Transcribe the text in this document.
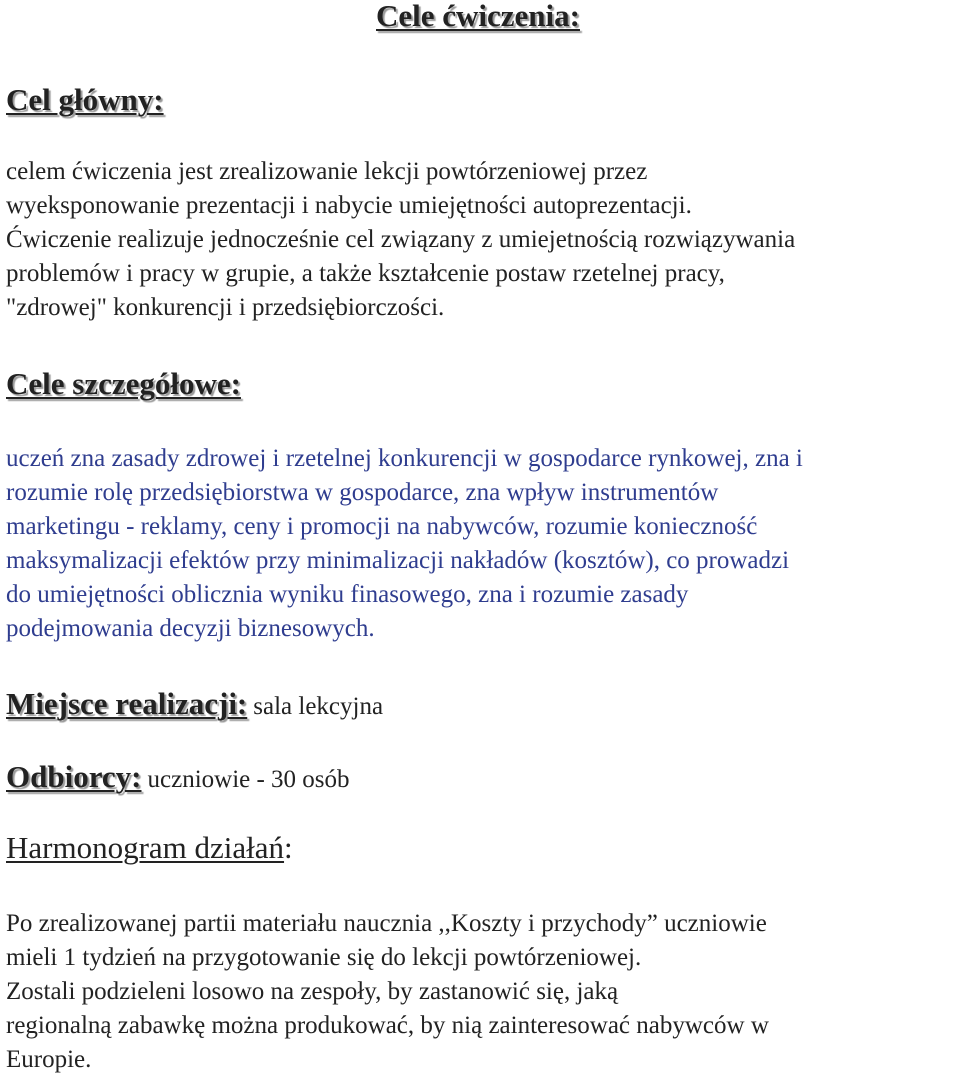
Cele ćwiczenia:
Cel główny:
celem ćwiczenia jest zrealizowanie lekcji powtórzeniowej przez
wyeksponowanie prezentacji i nabycie umiejętności autoprezentacji.
Ćwiczenie realizuje jednocześnie cel związany z umiejetnością rozwiązywania
problemów i pracy w grupie, a także kształcenie postaw rzetelnej pracy,
"zdrowej" konkurencji i przedsiębiorczości.
Cele szczegółowe:
uczeń zna zasady zdrowej i rzetelnej konkurencji w gospodarce rynkowej, zna i
rozumie rolę przedsiębiorstwa w gospodarce, zna wpływ instrumentów
marketingu - reklamy, ceny i promocji na nabywców, rozumie konieczność
maksymalizacji efektów przy minimalizacji nakładów (kosztów), co prowadzi
do umiejętności oblicznia wyniku finasowego, zna i rozumie zasady
podejmowania decyzji biznesowych.
Miejsce realizacji: sala lekcyjna
Odbiorcy: uczniowie - 30 osób
Harmonogram działań:
Po zrealizowanej partii materiału naucznia ,,Koszty i przychody” uczniowie
mieli 1 tydzień na przygotowanie się do lekcji powtórzeniowej.
Zostali podzieleni losowo na zespoły, by zastanowić się, jaką
regionalną zabawkę można produkować, by nią zainteresować nabywców w
Europie.
